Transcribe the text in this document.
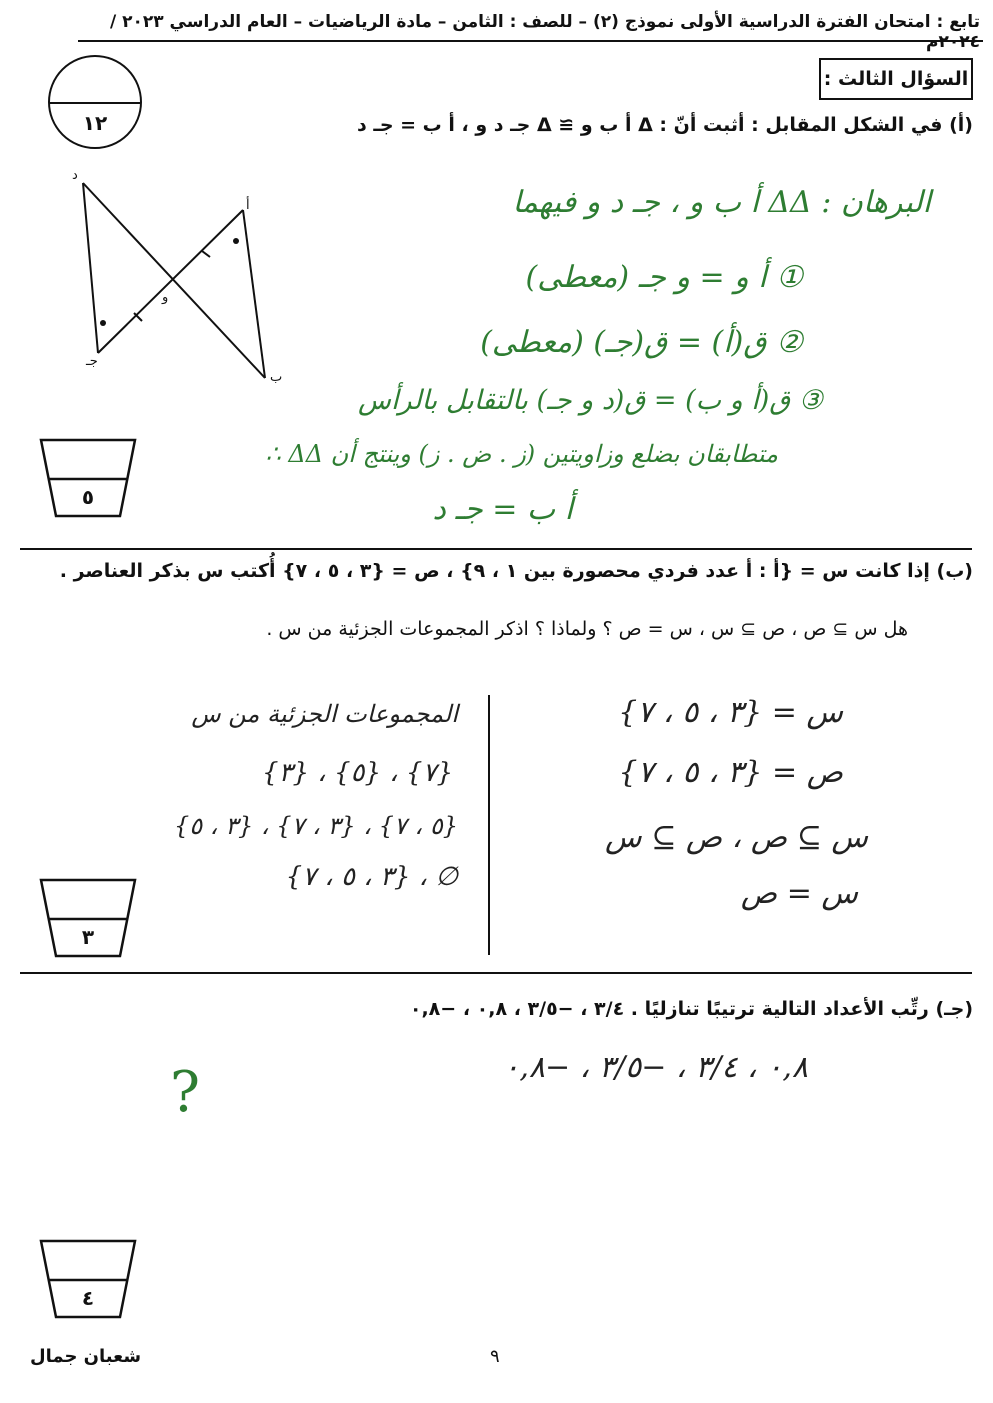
تابع : امتحان الفترة الدراسية الأولى نموذج (٢) – للصف : الثامن – مادة الرياضيات – العام الدراسي ٢٠٢٣ / ٢٠٢٤م
السؤال الثالث :
١٢	(أ) في الشكل المقابل : أثبت أنّ : Δ أ ب و ≅ Δ جـ د و ، أ ب = جـ د
د
أ
و
جـ
ب
البرهان : ΔΔ أ ب و ، جـ د و فيهما
① أ و = و جـ (معطى)
② ق(أ) = ق(جـ) (معطى)
③ ق(أ و ب) = ق(د و جـ) بالتقابل بالرأس
∴ ΔΔ متطابقان بضلع وزاويتين (ز . ض . ز) وينتج أن
أ ب = جـ د
٥
(ب) إذا كانت س = {أ : أ عدد فردي محصورة بين ١ ، ٩} ، ص = {٣ ، ٥ ، ٧} أُكتب س بذكر العناصر .
هل س ⊇ ص ، ص ⊇ س ، س = ص ؟ ولماذا ؟ اذكر المجموعات الجزئية من س .
س = {٣ ، ٥ ، ٧}
ص = {٣ ، ٥ ، ٧}
س ⊇ ص ، ص ⊇ س
س = ص
المجموعات الجزئية من س
{٣} ، {٥} ، {٧}
{٣ ، ٥} ، {٣ ، ٧} ، {٥ ، ٧}
{٣ ، ٥ ، ٧} ، ∅
٣
(جـ) رتِّب الأعداد التالية ترتيبًا تنازليًا . ٣/٤ ، −٣/٥ ، ٠,٨ ، −٠,٨
٠,٨ ، ٣/٤ ، −٣/٥ ، −٠,٨
?
٤
شعبان جمال	٩
